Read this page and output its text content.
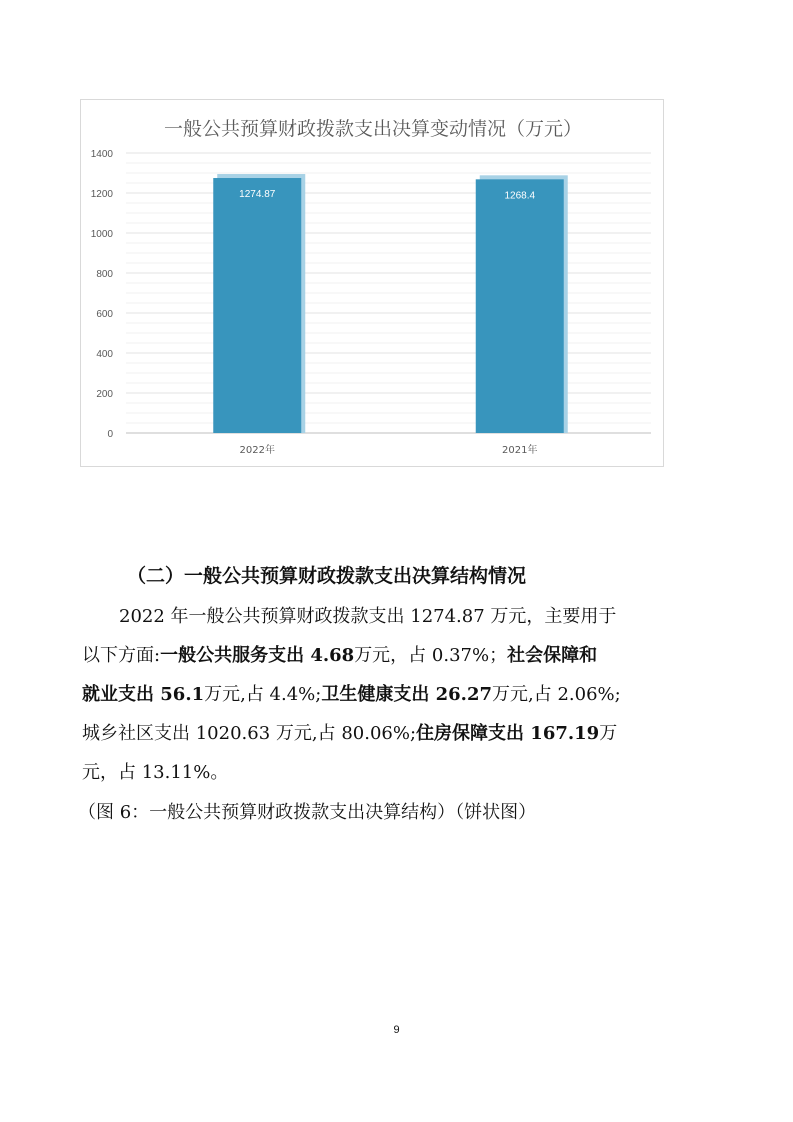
一般公共预算财政拨款支出决算变动情况（万元）
0
200
400
600
800
1000
1200
1400
1274.87	1268.4
2022年	2021年
（二）一般公共预算财政拨款支出决算结构情况
2022 年一般公共预算财政拨款支出 1274.87 万元，主要用于
以下方面:一般公共服务支出 4.68万元，占 0.37%；社会保障和
就业支出 56.1万元,占 4.4%;卫生健康支出 26.27万元,占 2.06%;
城乡社区支出 1020.63 万元,占 80.06%;住房保障支出 167.19万
元，占 13.11%。
（图 6：一般公共预算财政拨款支出决算结构）（饼状图）
9
